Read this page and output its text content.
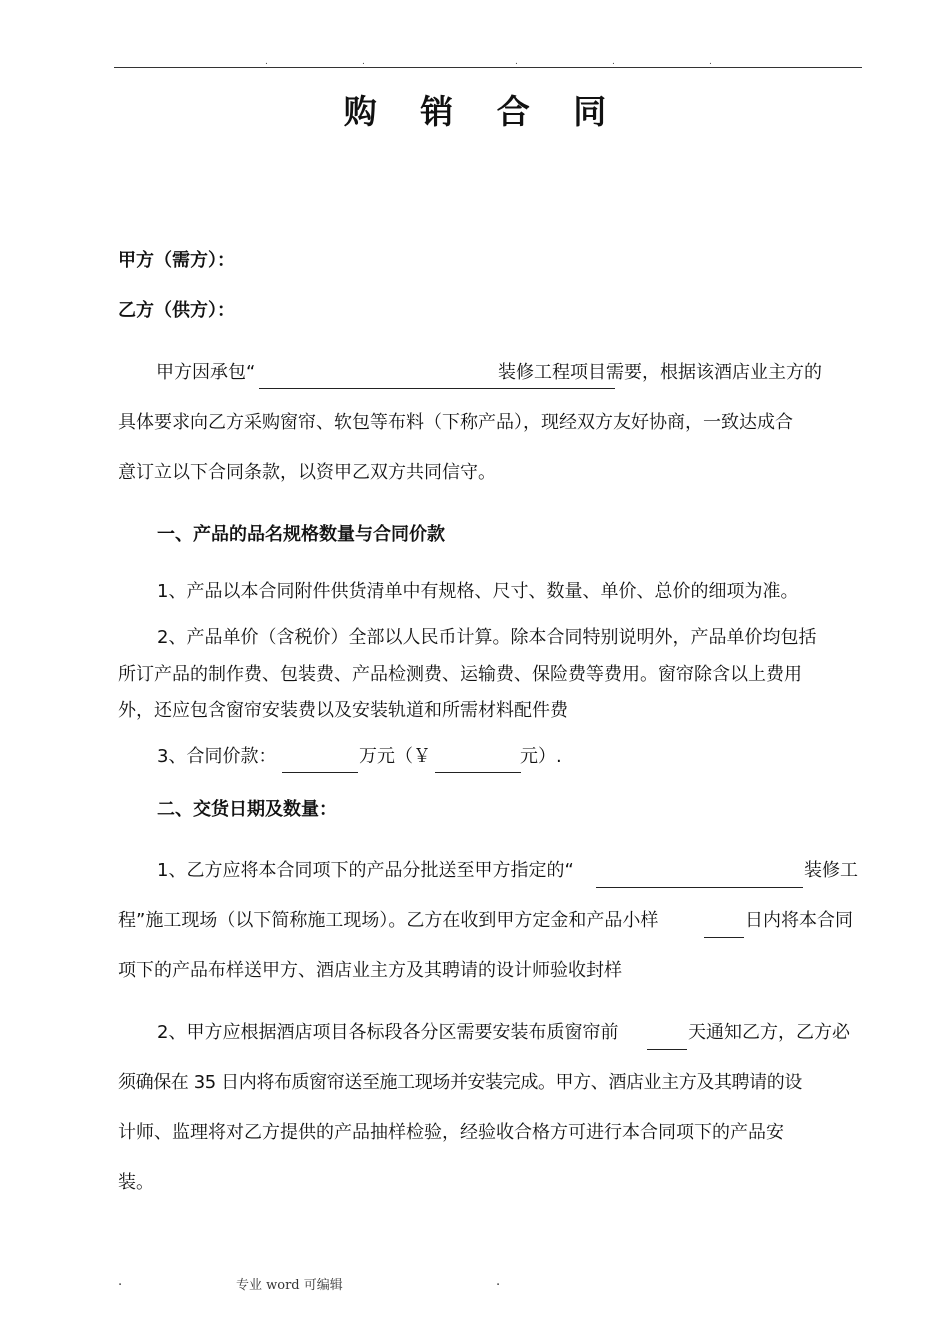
.	.	.	.	.
购 销 合 同
甲方（需方）：
乙方（供方）：
甲方因承包“	装修工程项目需要，根据该酒店业主方的
具体要求向乙方采购窗帘、软包等布料（下称产品），现经双方友好协商，一致达成合
意订立以下合同条款，以资甲乙双方共同信守。
一、产品的品名规格数量与合同价款
1、产品以本合同附件供货清单中有规格、尺寸、数量、单价、总价的细项为准。
2、产品单价（含税价）全部以人民币计算。除本合同特别说明外，产品单价均包括
所订产品的制作费、包装费、产品检测费、运输费、保险费等费用。窗帘除含以上费用
外，还应包含窗帘安装费以及安装轨道和所需材料配件费
3、合同价款：	万元（￥	元）.
二、交货日期及数量：
1、乙方应将本合同项下的产品分批送至甲方指定的“	装修工
程”施工现场（以下简称施工现场）。乙方在收到甲方定金和产品小样	日内将本合同
项下的产品布样送甲方、酒店业主方及其聘请的设计师验收封样
2、甲方应根据酒店项目各标段各分区需要安装布质窗帘前	天通知乙方，乙方必
须确保在 35 日内将布质窗帘送至施工现场并安装完成。甲方、酒店业主方及其聘请的设
计师、监理将对乙方提供的产品抽样检验，经验收合格方可进行本合同项下的产品安
装。
.	专业 word 可编辑	.
